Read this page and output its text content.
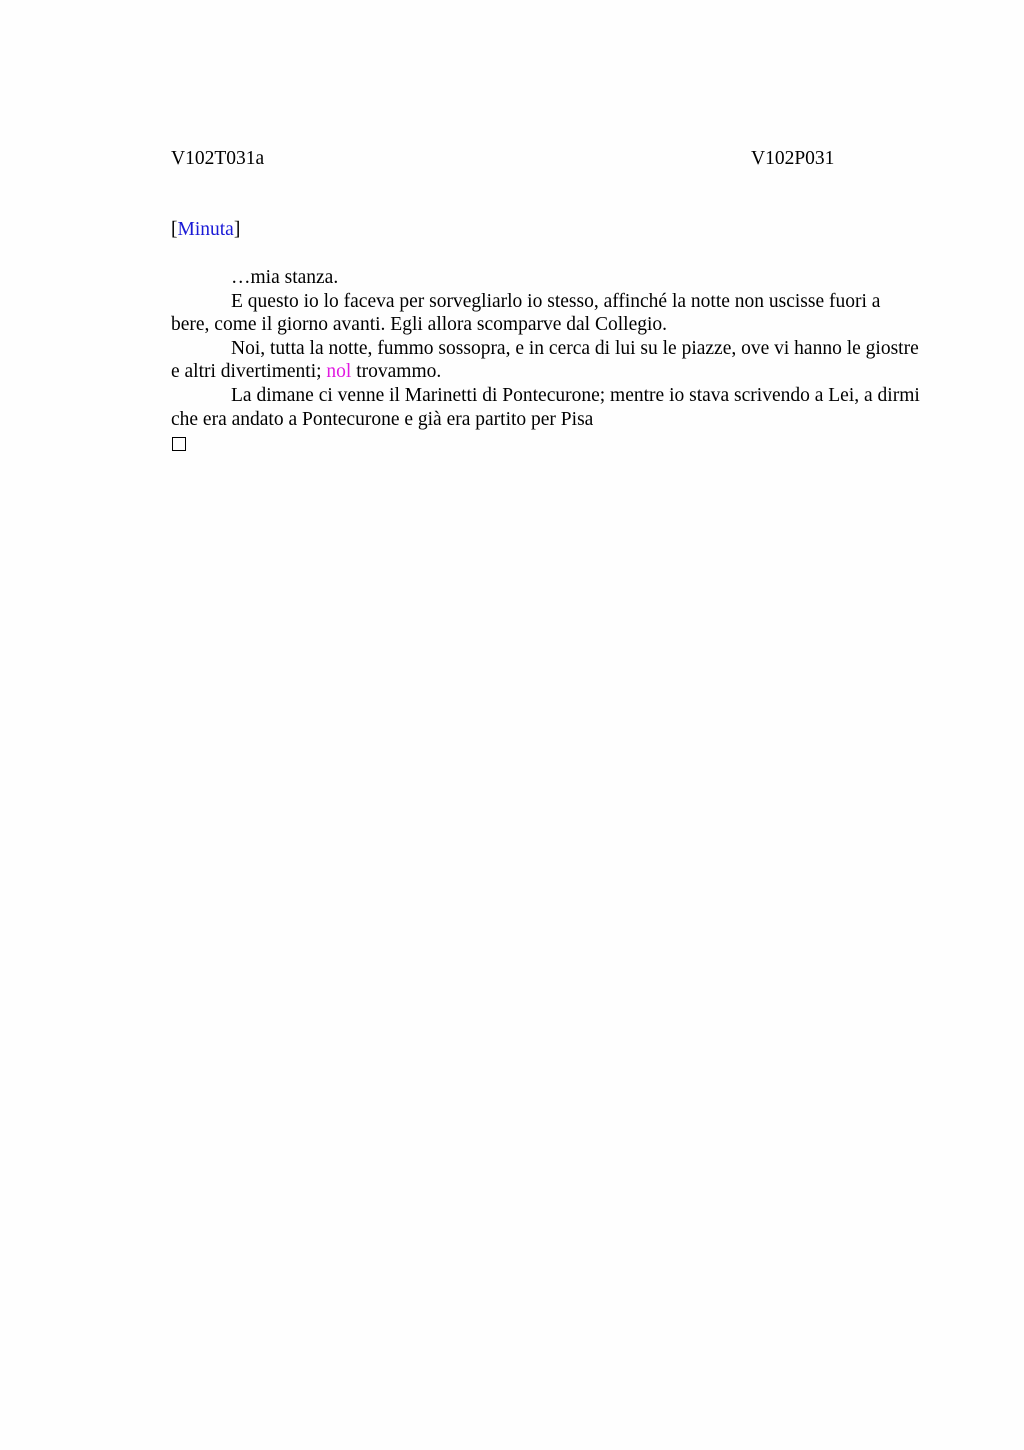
V102T031a	V102P031
[Minuta]

…mia stanza.

E questo io lo faceva per sorvegliarlo io stesso, affinché la notte non uscisse fuori a bere, come il giorno avanti. Egli allora scomparve dal Collegio.

Noi, tutta la notte, fummo sossopra, e in cerca di lui su le piazze, ove vi hanno le giostre e altri divertimenti; nol trovammo.

La dimane ci venne il Marinetti di Pontecurone; mentre io stava scrivendo a Lei, a dirmi che era andato a Pontecurone e già era partito per Pisa
